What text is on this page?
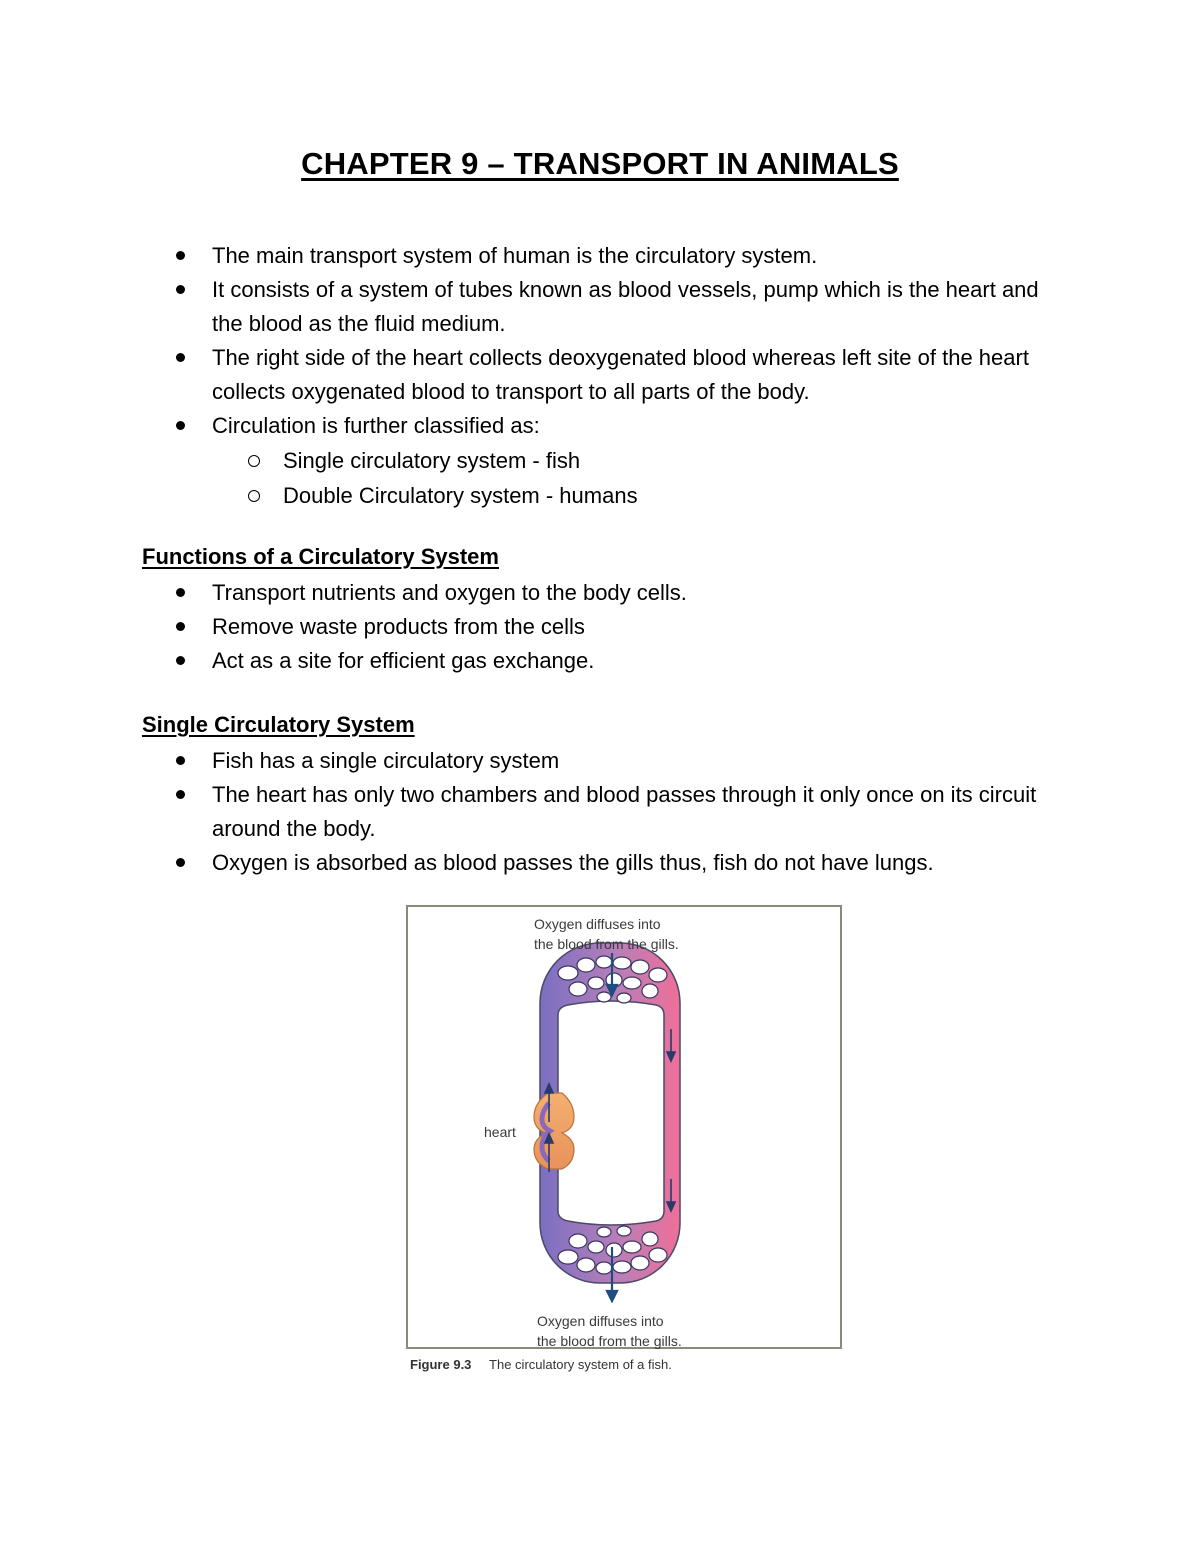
CHAPTER 9 – TRANSPORT IN ANIMALS
The main transport system of human is the circulatory system.
It consists of a system of tubes known as blood vessels, pump which is the heart and the blood as the fluid medium.
The right side of the heart collects deoxygenated blood whereas left site of the heart collects oxygenated blood to transport to all parts of the body.
Circulation is further classified as:
Single circulatory system - fish
Double Circulatory system - humans
Functions of a Circulatory System
Transport nutrients and oxygen to the body cells.
Remove waste products from the cells
Act as a site for efficient gas exchange.
Single Circulatory System
Fish has a single circulatory system
The heart has only two chambers and blood passes through it only once on its circuit around the body.
Oxygen is absorbed as blood passes the gills thus, fish do not have lungs.
Oxygen diffuses into
the blood from the gills.
heart
Oxygen diffuses into
the blood from the gills.
Figure 9.3 The circulatory system of a fish.
